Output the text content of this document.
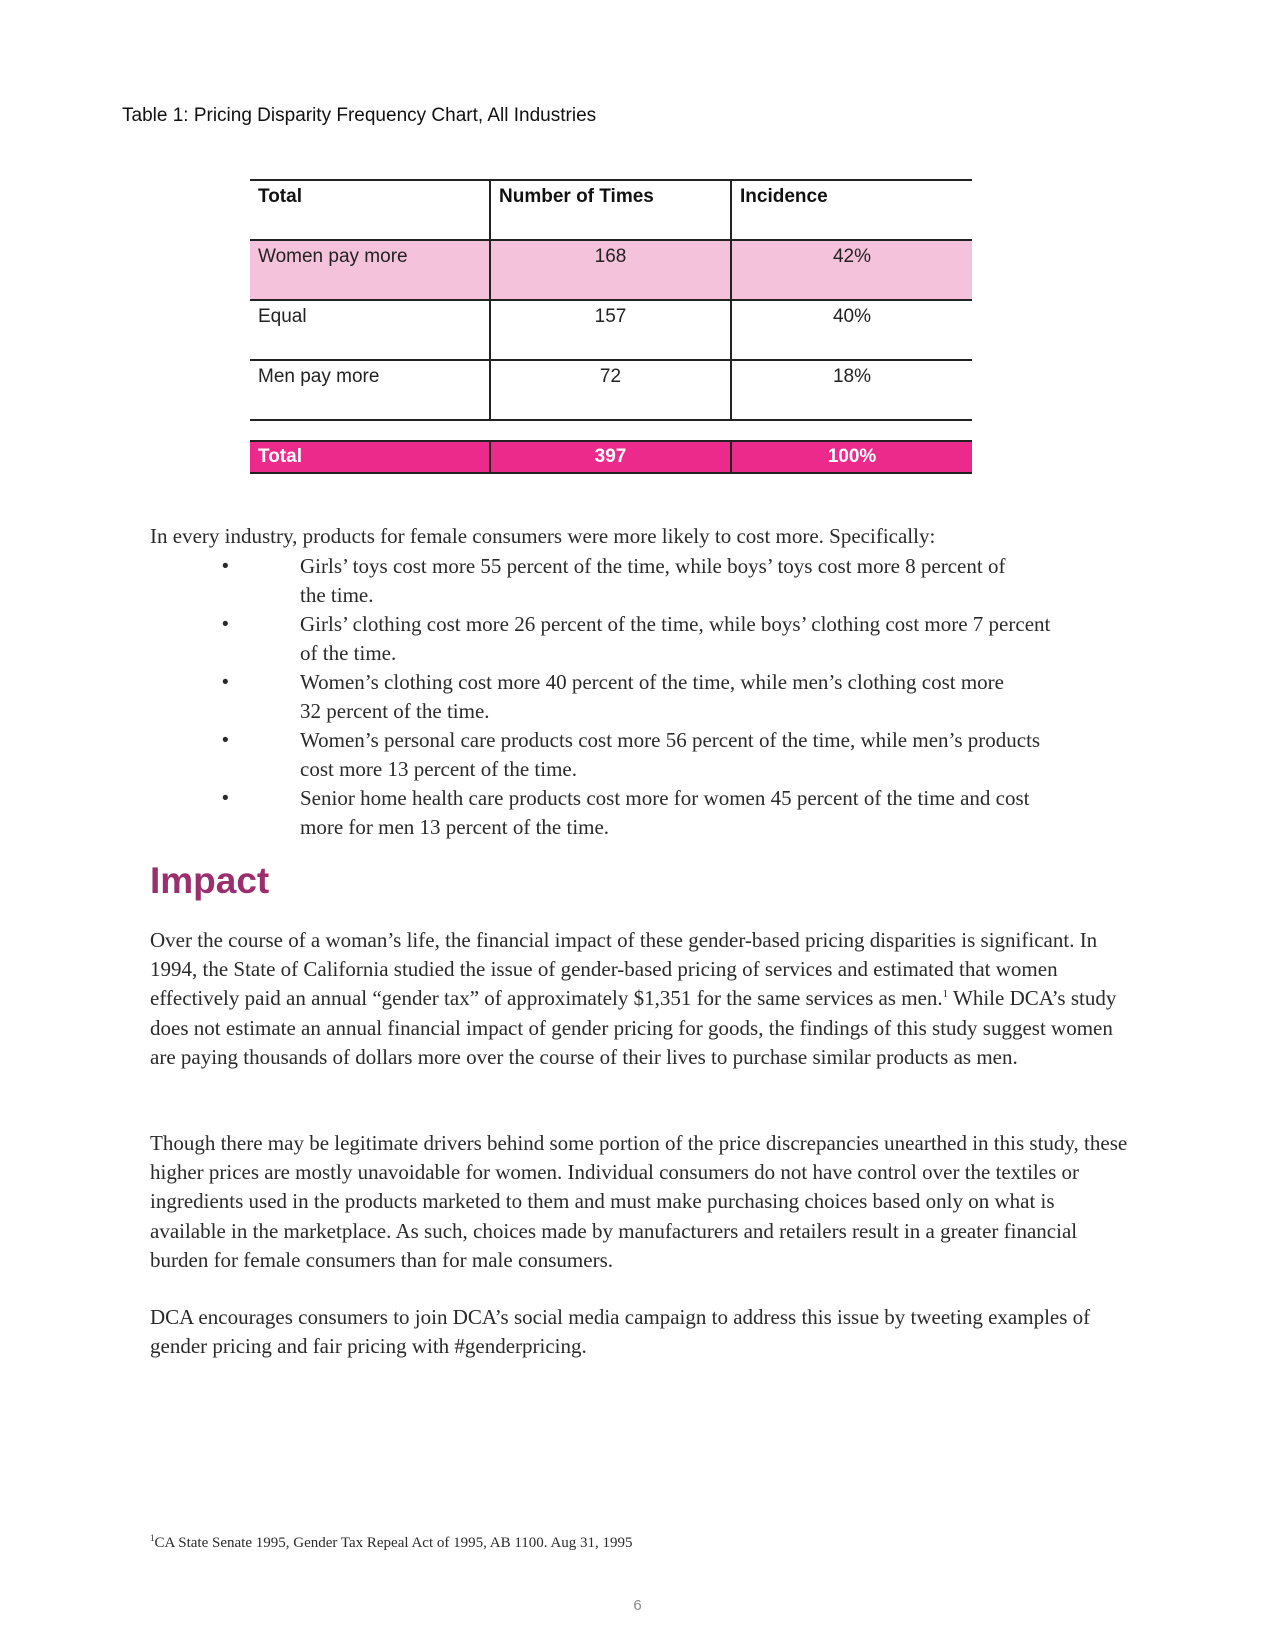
Table 1: Pricing Disparity Frequency Chart, All Industries
Total	Number of Times	Incidence
Women pay more	168	42%
Equal	157	40%
Men pay more	72	18%

Total	397	100%
In every industry, products for female consumers were more likely to cost more. Specifically:
•	Girls’ toys cost more 55 percent of the time, while boys’ toys cost more 8 percent of
the time.
•	Girls’ clothing cost more 26 percent of the time, while boys’ clothing cost more 7 percent
of the time.
•	Women’s clothing cost more 40 percent of the time, while men’s clothing cost more
32 percent of the time.
•	Women’s personal care products cost more 56 percent of the time, while men’s products
cost more 13 percent of the time.
•	Senior home health care products cost more for women 45 percent of the time and cost
more for men 13 percent of the time.
Impact

Over the course of a woman’s life, the financial impact of these gender-based pricing disparities is significant. In 1994, the State of California studied the issue of gender-based pricing of services and estimated that women effectively paid an annual “gender tax” of approximately $1,351 for the same services as men.$^1$ While DCA’s study does not estimate an annual financial impact of gender pricing for goods, the findings of this study suggest women are paying thousands of dollars more over the course of their lives to purchase similar products as men.

Though there may be legitimate drivers behind some portion of the price discrepancies unearthed in this study, these higher prices are mostly unavoidable for women. Individual consumers do not have control over the textiles or ingredients used in the products marketed to them and must make purchasing choices based only on what is available in the marketplace. As such, choices made by manufacturers and retailers result in a greater financial burden for female consumers than for male consumers.

DCA encourages consumers to join DCA’s social media campaign to address this issue by tweeting examples of gender pricing and fair pricing with #genderpricing.

$^1$CA State Senate 1995, Gender Tax Repeal Act of 1995, AB 1100. Aug 31, 1995
6
